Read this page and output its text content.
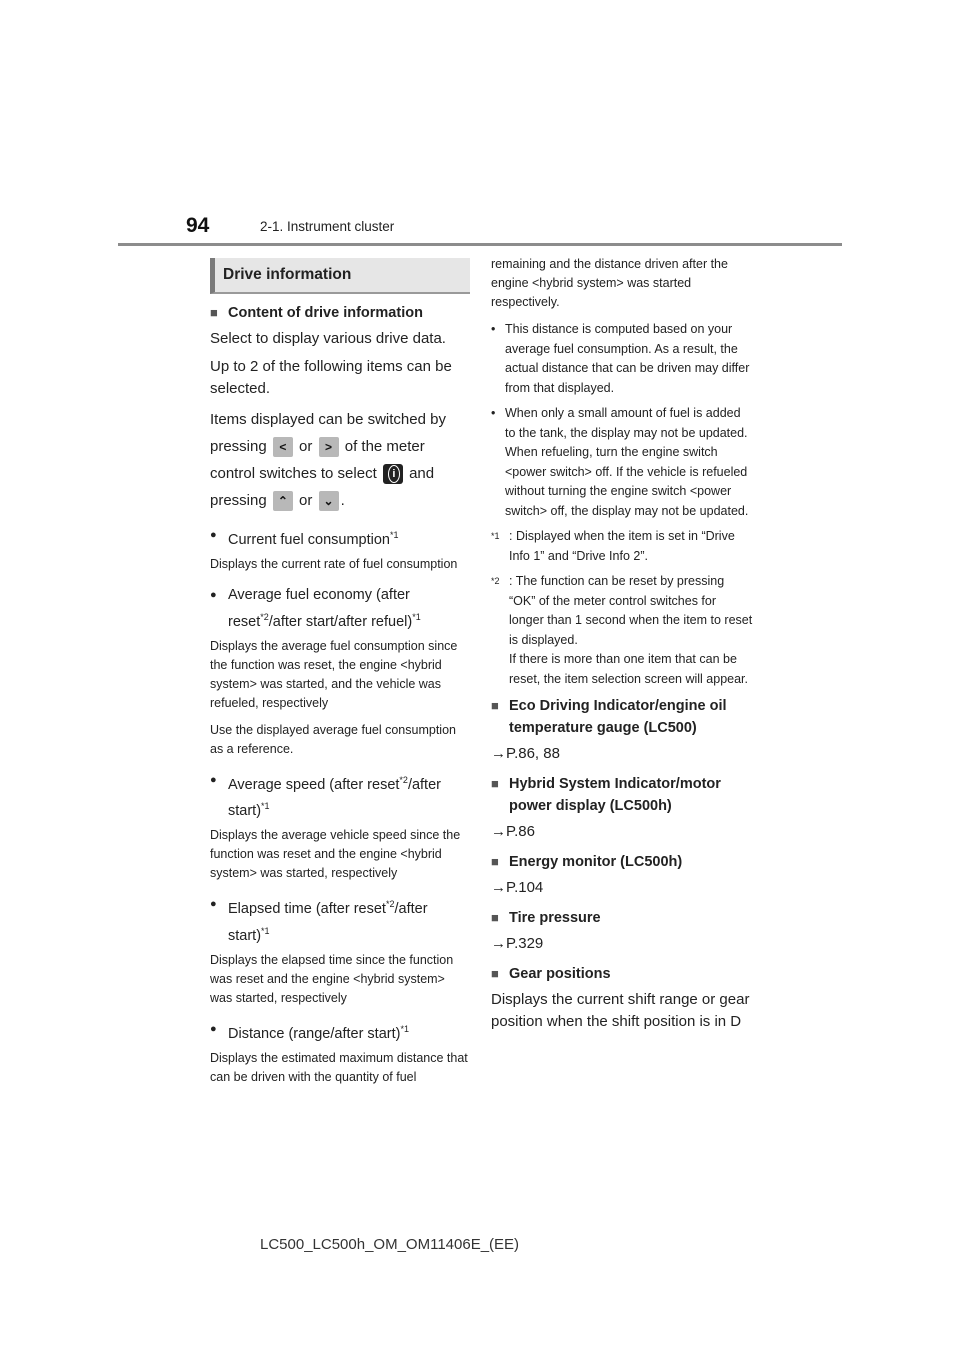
94	2-1. Instrument cluster
Drive information
■ Content of drive information

Select to display various drive data.

Up to 2 of the following items can be selected.

Items displayed can be switched by pressing < or > of the meter control switches to select i and pressing ⌃ or ⌄ .

● Current fuel consumption$^{*1}$

Displays the current rate of fuel consumption

● Average fuel economy (after reset$^{*2}$/after start/after refuel)$^{*1}$

Displays the average fuel consumption since the function was reset, the engine <hybrid system> was started, and the vehicle was refueled, respectively

Use the displayed average fuel consumption as a reference.

● Average speed (after reset$^{*2}$/after start)$^{*1}$

Displays the average vehicle speed since the function was reset and the engine <hybrid system> was started, respectively

● Elapsed time (after reset$^{*2}$/after start)$^{*1}$

Displays the elapsed time since the function was reset and the engine <hybrid system> was started, respectively

● Distance (range/after start)$^{*1}$

Displays the estimated maximum distance that can be driven with the quantity of fuel

remaining and the distance driven after the engine <hybrid system> was started respectively.

• This distance is computed based on your average fuel consumption. As a result, the actual distance that can be driven may differ from that displayed.
• When only a small amount of fuel is added to the tank, the display may not be updated.
When refueling, turn the engine switch <power switch> off. If the vehicle is refueled without turning the engine switch <power switch> off, the display may not be updated.
$^{*1}$ : Displayed when the item is set in “Drive Info 1” and “Drive Info 2”.
$^{*2}$ : The function can be reset by pressing “OK” of the meter control switches for longer than 1 second when the item to reset is displayed.
If there is more than one item that can be reset, the item selection screen will appear.
■ Eco Driving Indicator/engine oil temperature gauge (LC500)
→P.86, 88
■ Hybrid System Indicator/motor power display (LC500h)
→P.86
■ Energy monitor (LC500h)
→P.104
■ Tire pressure
→P.329
■ Gear positions

Displays the current shift range or gear position when the shift position is in D

LC500_LC500h_OM_OM11406E_(EE)
